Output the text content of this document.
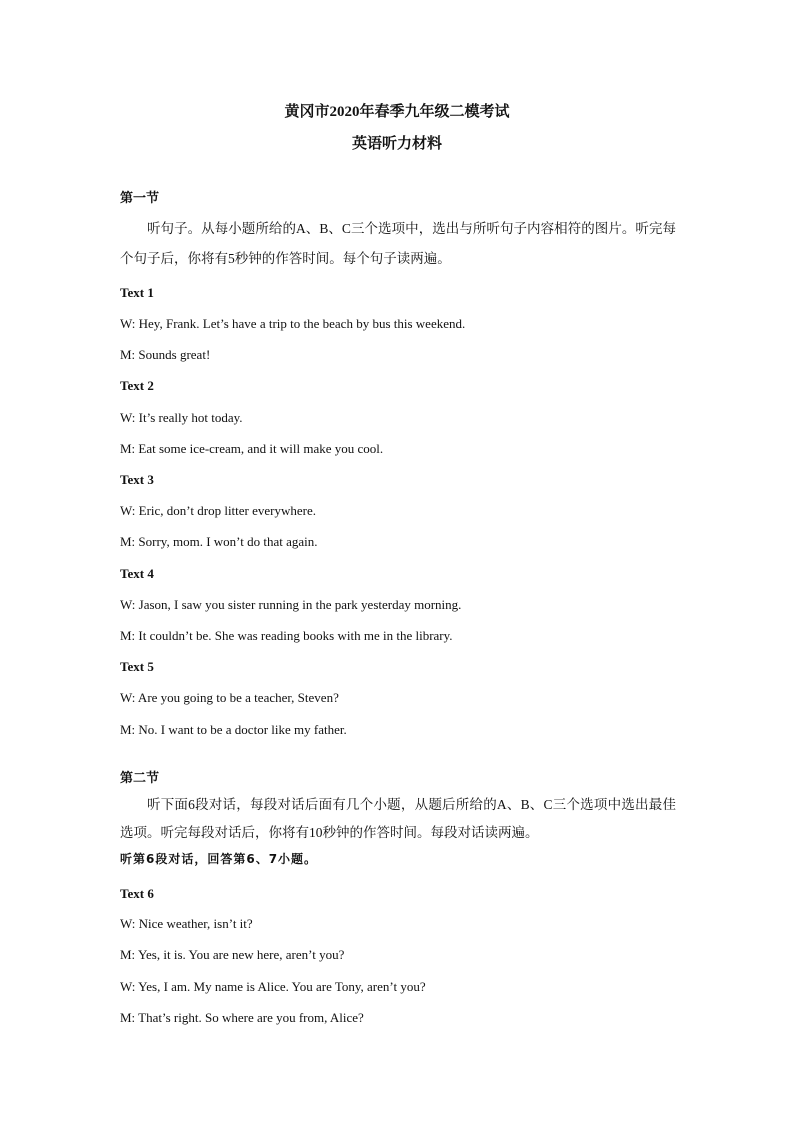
黄冈市2020年春季九年级二模考试
英语听力材料
第一节
听句子。从每小题所给的A、B、C三个选项中，选出与所听句子内容相符的图片。听完每个句子后，你将有5秒钟的作答时间。每个句子读两遍。
Text 1
W: Hey, Frank. Let’s have a trip to the beach by bus this weekend.
M: Sounds great!
Text 2
W: It’s really hot today.
M: Eat some ice-cream, and it will make you cool.
Text 3
W: Eric, don’t drop litter everywhere.
M: Sorry, mom. I won’t do that again.
Text 4
W: Jason, I saw you sister running in the park yesterday morning.
M: It couldn’t be. She was reading books with me in the library.
Text 5
W: Are you going to be a teacher, Steven?
M: No. I want to be a doctor like my father.
第二节
听下面6段对话，每段对话后面有几个小题，从题后所给的A、B、C三个选项中选出最佳选项。听完每段对话后，你将有10秒钟的作答时间。每段对话读两遍。
听第6段对话，回答第6、7小题。
Text 6
W: Nice weather, isn’t it?
M: Yes, it is. You are new here, aren’t you?
W: Yes, I am. My name is Alice. You are Tony, aren’t you?
M: That’s right. So where are you from, Alice?
